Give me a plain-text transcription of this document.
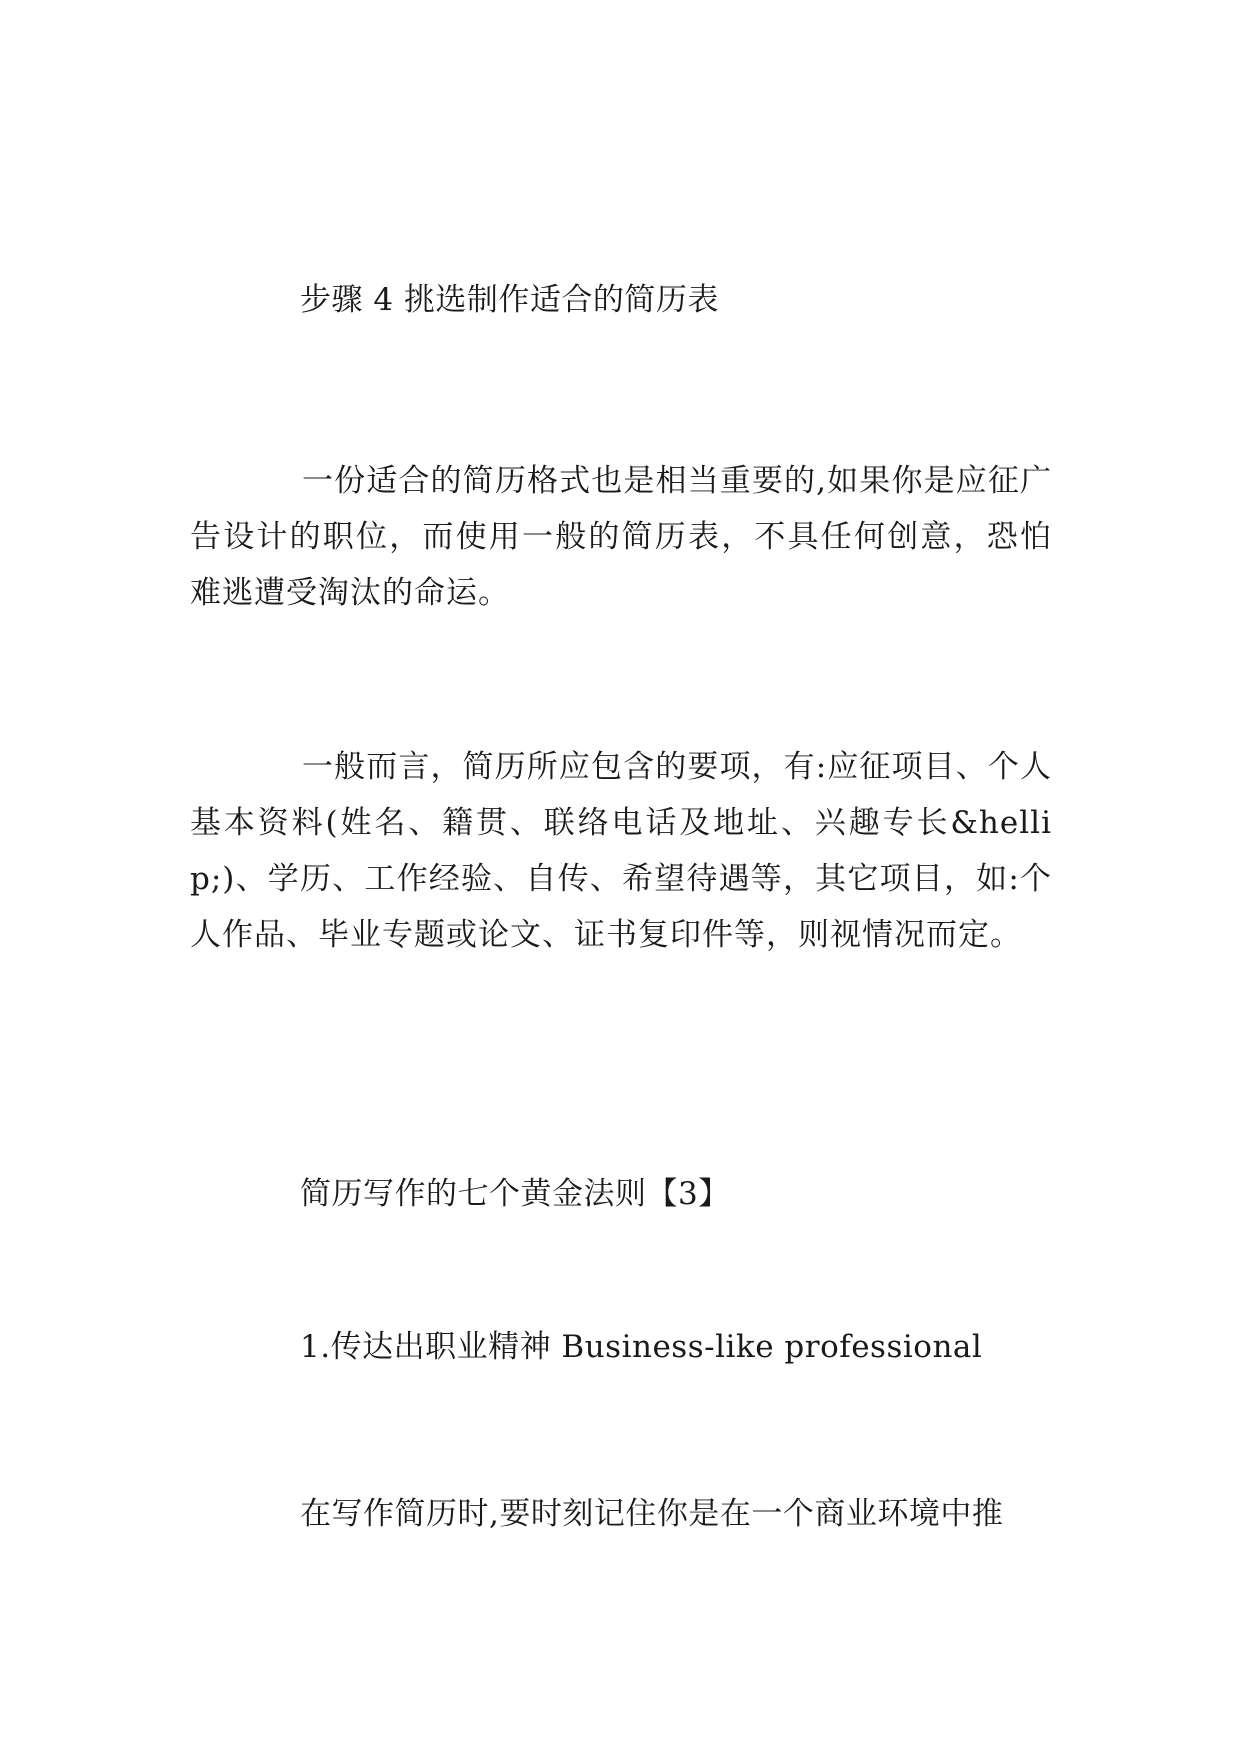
步骤 4 挑选制作适合的简历表

一份适合的简历格式也是相当重要的,如果你是应征广告设计的职位，而使用一般的简历表，不具任何创意，恐怕难逃遭受淘汰的命运。

一般而言，简历所应包含的要项，有:应征项目、个人基本资料(姓名、籍贯、联络电话及地址、兴趣专长&hellip;)、学历、工作经验、自传、希望待遇等，其它项目，如:个人作品、毕业专题或论文、证书复印件等，则视情况而定。

简历写作的七个黄金法则【3】

1.传达出职业精神 Business-like professional

在写作简历时,要时刻记住你是在一个商业环境中推
